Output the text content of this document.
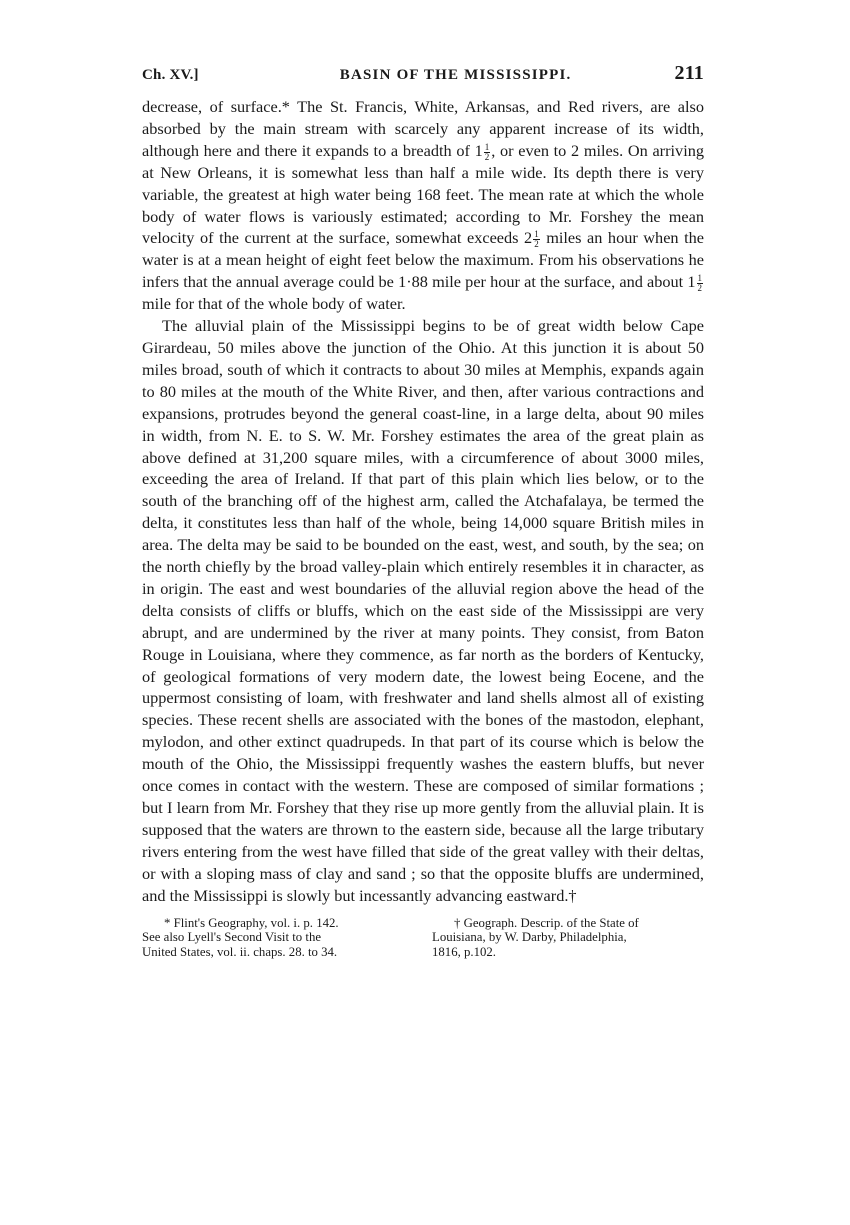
Ch. XV.]	BASIN OF THE MISSISSIPPI.	211

decrease, of surface.* The St. Francis, White, Arkansas, and Red rivers, are also absorbed by the main stream with scarcely any apparent increase of its width, although here and there it expands to a breadth of $1 \frac{1}{2}$ , or even to 2 miles. On arriving at New Orleans, it is somewhat less than half a mile wide. Its depth there is very variable, the greatest at high water being 168 feet. The mean rate at which the whole body of water flows is variously estimated; according to Mr. Forshey the mean velocity of the current at the surface, somewhat exceeds $2 \frac{1}{2}$ miles an hour when the water is at a mean height of eight feet below the maximum. From his observations he infers that the annual average could be 1·88 mile per hour at the surface, and about $1 \frac{1}{2}$
mile for that of the whole body of water.

The alluvial plain of the Mississippi begins to be of great width below Cape Girardeau, 50 miles above the junction of the Ohio. At this junction it is about 50 miles broad, south of which it contracts to about 30 miles at Memphis, expands again to 80 miles at the mouth of the White River, and then, after various contractions and expansions, protrudes beyond the general coast-line, in a large delta, about 90 miles in width, from N. E. to S. W. Mr. Forshey estimates the area of the great plain as above defined at 31,200 square miles, with a circumference of about 3000 miles, exceeding the area of Ireland. If that part of this plain which lies below, or to the south of the branching off of the highest arm, called the Atchafalaya, be termed the delta, it constitutes less than half of the whole, being 14,000 square British miles in area. The delta may be said to be bounded on the east, west, and south, by the sea; on the north chiefly by the broad valley-plain which entirely resembles it in character, as in origin. The east and west boundaries of the alluvial region above the head of the delta consists of cliffs or bluffs, which on the east side of the Mississippi are very abrupt, and are undermined by the river at many points. They consist, from Baton Rouge in Louisiana, where they commence, as far north as the borders of Kentucky, of geological formations of very modern date, the lowest being Eocene, and the uppermost consisting of loam, with freshwater and land shells almost all of existing species. These recent shells are associated with the bones of the mastodon, elephant, mylodon, and other extinct quadrupeds. In that part of its course which is below the mouth of the Ohio, the Mississippi frequently washes the eastern bluffs, but never once comes in contact with the western. These are composed of similar formations ; but I learn from Mr. Forshey that they rise up more gently from the alluvial plain. It is supposed that the waters are thrown to the eastern side, because all the large tributary rivers entering from the west have filled that side of the great valley with their deltas, or with a sloping mass of clay and sand ; so that the opposite bluffs are undermined, and the Mississippi is slowly but incessantly advancing eastward.†

* Flint's Geography, vol. i. p. 142.
See also Lyell's Second Visit to the
United States, vol. ii. chaps. 28. to 34.
† Geograph. Descrip. of the State of
Louisiana, by W. Darby, Philadelphia,
1816, p.102.
